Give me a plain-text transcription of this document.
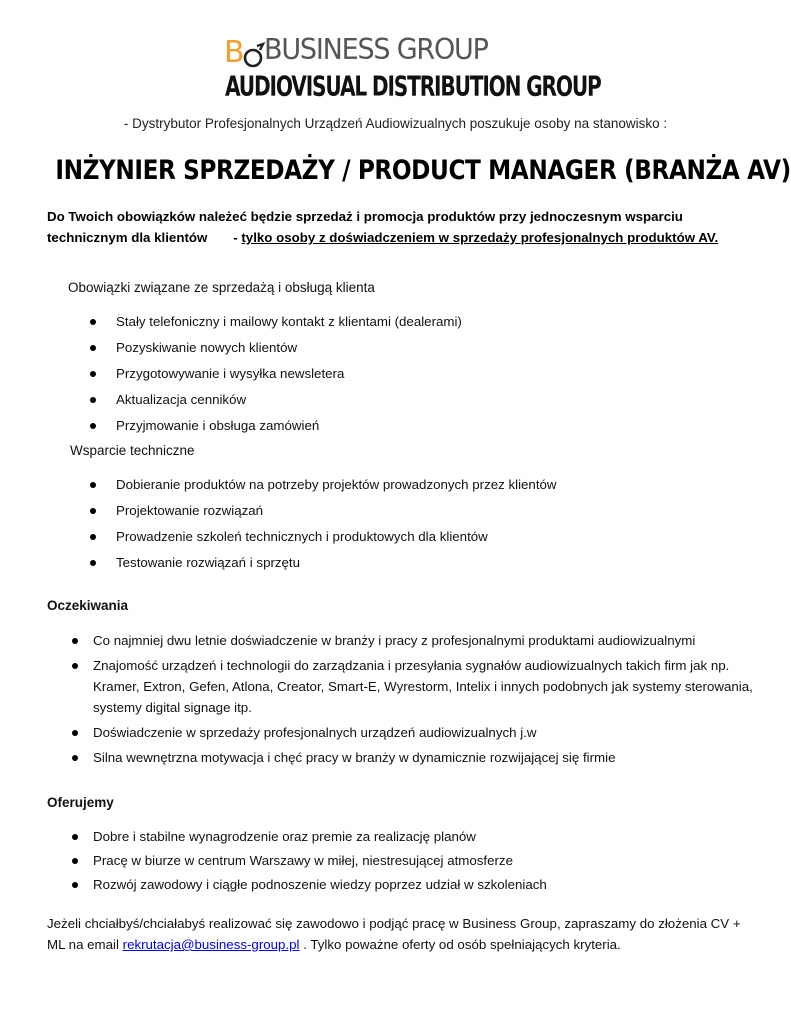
B BUSINESS GROUP
AUDIOVISUAL DISTRIBUTION GROUP
- Dystrybutor Profesjonalnych Urządzeń Audiowizualnych poszukuje osoby na stanowisko :
INŻYNIER SPRZEDAŻY / PRODUCT MANAGER (BRANŻA AV)
Do Twoich obowiązków należeć będzie sprzedaż i promocja produktów przy jednoczesnym wsparciu technicznym dla klientów - tylko osoby z doświadczeniem w sprzedaży profesjonalnych produktów AV.
Obowiązki związane ze sprzedażą i obsługą klienta
Stały telefoniczny i mailowy kontakt z klientami (dealerami)
Pozyskiwanie nowych klientów
Przygotowywanie i wysyłka newsletera
Aktualizacja cenników
Przyjmowanie i obsługa zamówień
Wsparcie techniczne
Dobieranie produktów na potrzeby projektów prowadzonych przez klientów
Projektowanie rozwiązań
Prowadzenie szkoleń technicznych i produktowych dla klientów
Testowanie rozwiązań i sprzętu
Oczekiwania
Co najmniej dwu letnie doświadczenie w branży i pracy z profesjonalnymi produktami audiowizualnymi
Znajomość urządzeń i technologii do zarządzania i przesyłania sygnałów audiowizualnych takich firm jak np. Kramer, Extron, Gefen, Atlona, Creator, Smart-E, Wyrestorm, Intelix i innych podobnych jak systemy sterowania, systemy digital signage itp.
Doświadczenie w sprzedaży profesjonalnych urządzeń audiowizualnych j.w
Silna wewnętrzna motywacja i chęć pracy w branży w dynamicznie rozwijającej się firmie
Oferujemy
Dobre i stabilne wynagrodzenie oraz premie za realizację planów
Pracę w biurze w centrum Warszawy w miłej, niestresującej atmosferze
Rozwój zawodowy i ciągłe podnoszenie wiedzy poprzez udział w szkoleniach
Jeżeli chciałbyś/chciałabyś realizować się zawodowo i podjąć pracę w Business Group, zapraszamy do złożenia CV + ML na email rekrutacja@business-group.pl . Tylko poważne oferty od osób spełniających kryteria.
